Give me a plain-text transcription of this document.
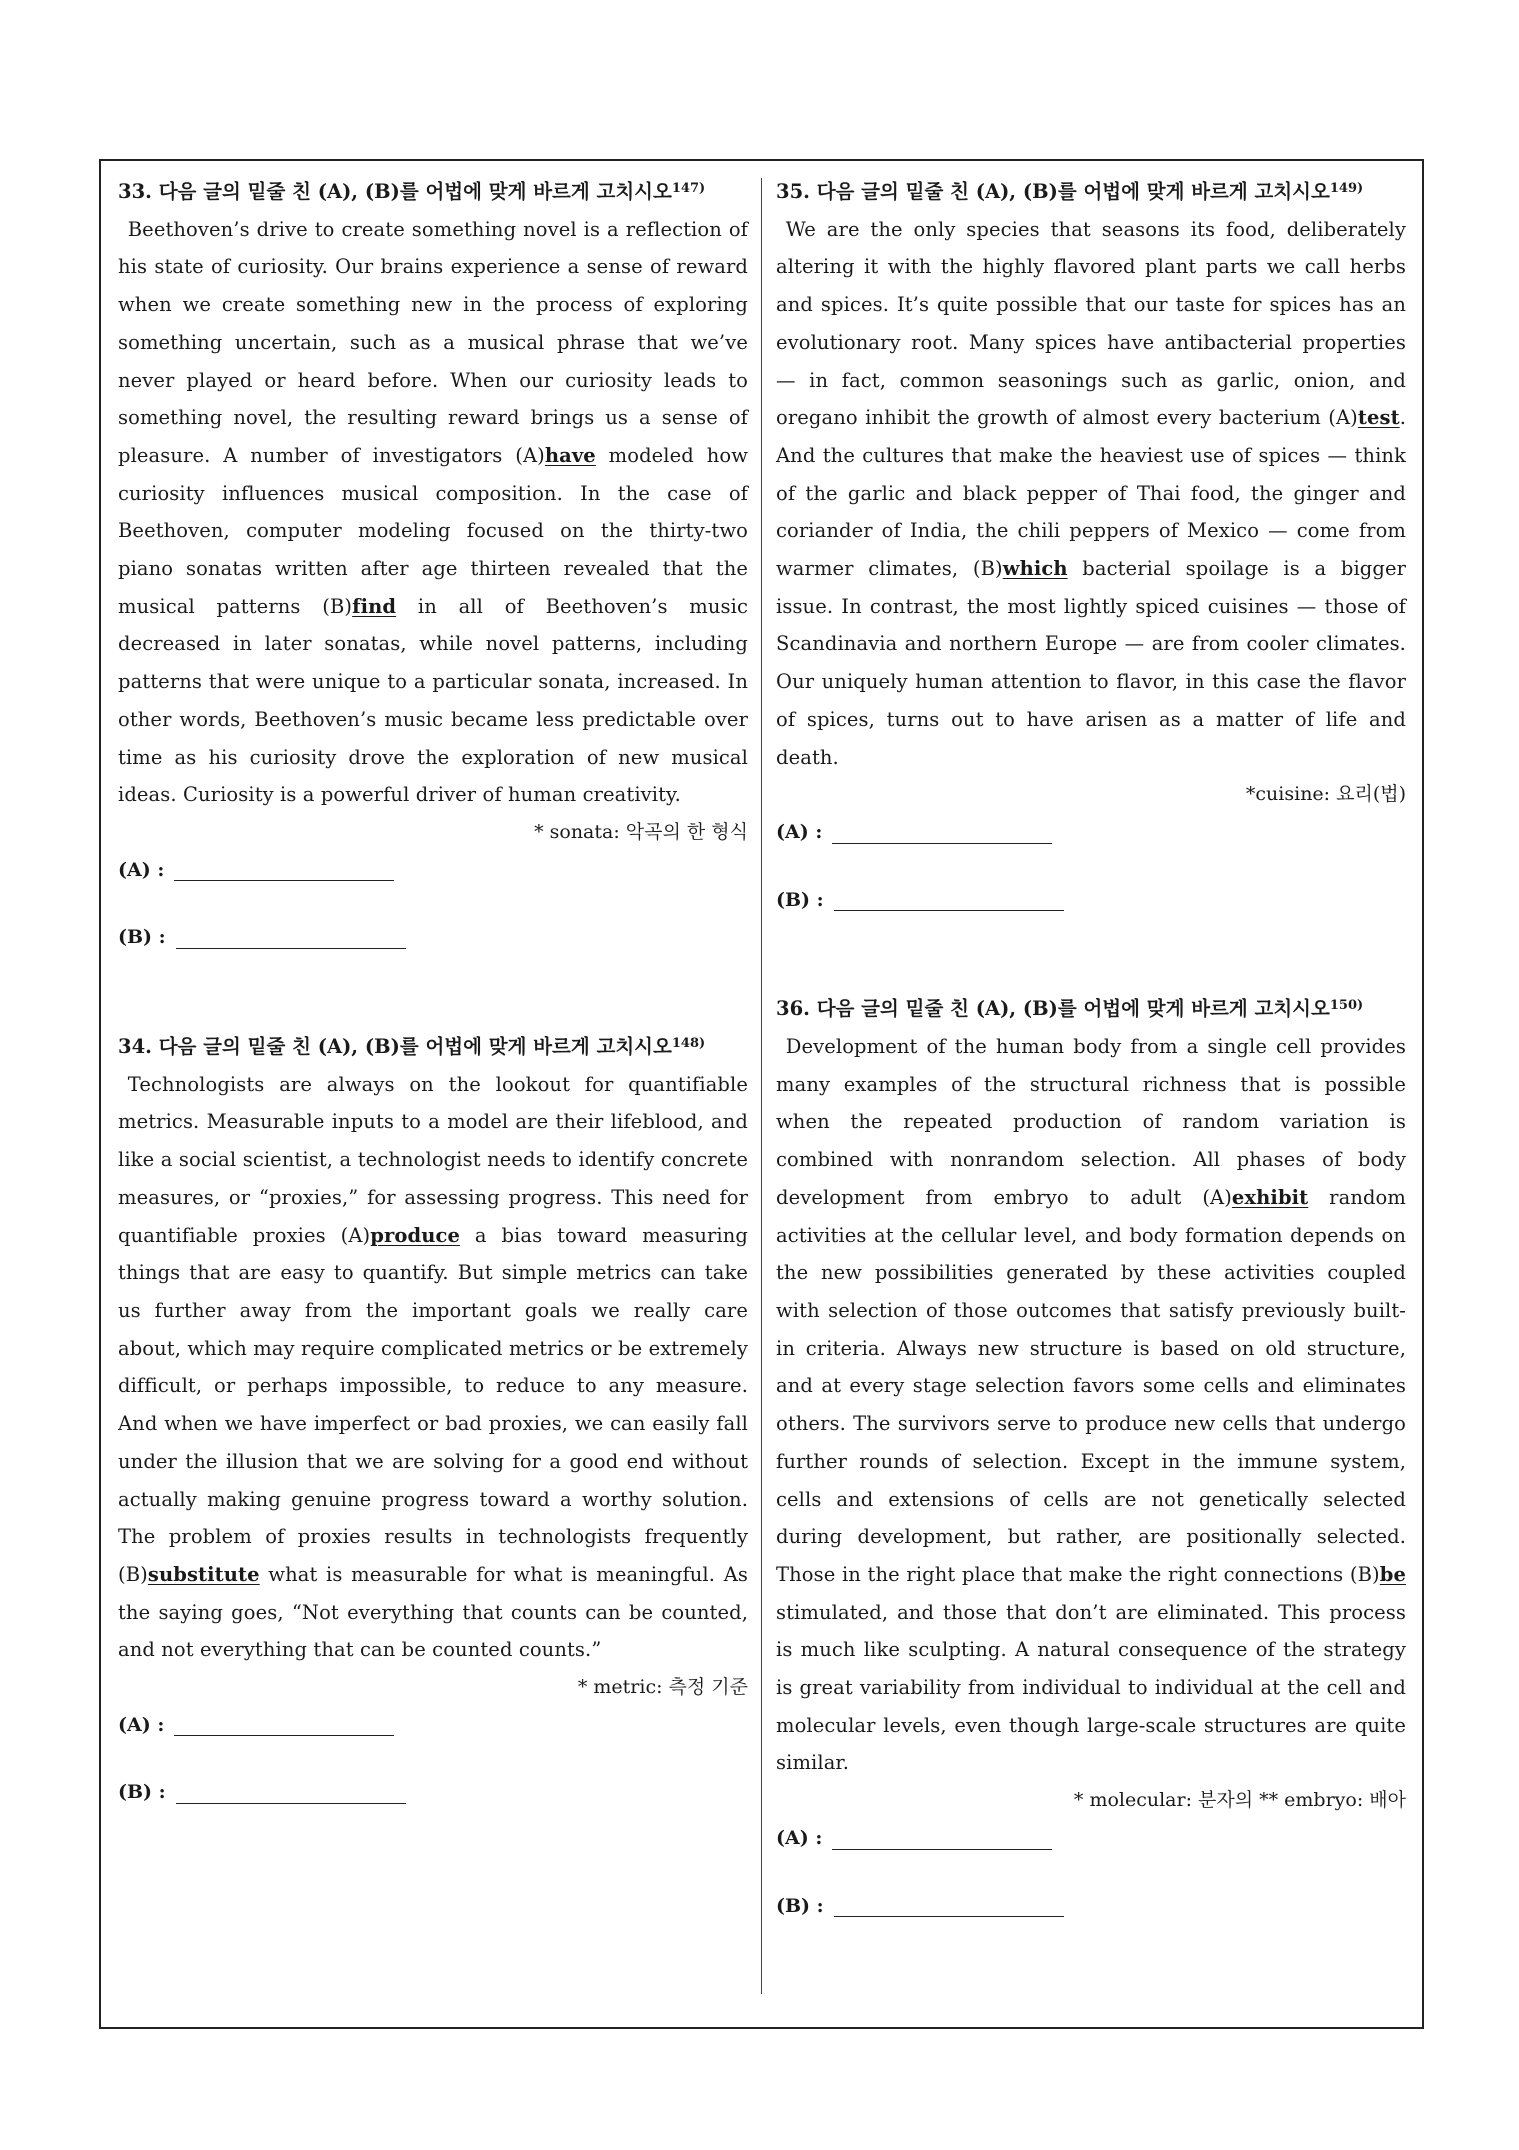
33. 다음 글의 밑줄 친 (A), (B)를 어법에 맞게 바르게 고치시오$^{147)}$

Beethoven’s drive to create something novel is a reflection of his state of curiosity. Our brains experience a sense of reward when we create something new in the process of exploring something uncertain, such as a musical phrase that we’ve never played or heard before. When our curiosity leads to something novel, the resulting reward brings us a sense of pleasure. A number of investigators (A)have modeled how curiosity influences musical composition. In the case of Beethoven, computer modeling focused on the thirty-two piano sonatas written after age thirteen revealed that the musical patterns (B)find in all of Beethoven’s music decreased in later sonatas, while novel patterns, including patterns that were unique to a particular sonata, increased. In other words, Beethoven’s music became less predictable over time as his curiosity drove the exploration of new musical ideas. Curiosity is a powerful driver of human creativity.

* sonata: 악곡의 한 형식

(A) :

(B) :

34. 다음 글의 밑줄 친 (A), (B)를 어법에 맞게 바르게 고치시오$^{148)}$

Technologists are always on the lookout for quantifiable metrics. Measurable inputs to a model are their lifeblood, and like a social scientist, a technologist needs to identify concrete measures, or “proxies,” for assessing progress. This need for quantifiable proxies (A)produce a bias toward measuring things that are easy to quantify. But simple metrics can take us further away from the important goals we really care about, which may require complicated metrics or be extremely difficult, or perhaps impossible, to reduce to any measure. And when we have imperfect or bad proxies, we can easily fall under the illusion that we are solving for a good end without actually making genuine progress toward a worthy solution. The problem of proxies results in technologists frequently (B)substitute what is measurable for what is meaningful. As the saying goes, “Not everything that counts can be counted, and not everything that can be counted counts.”

* metric: 측정 기준

(A) :

(B) :

35. 다음 글의 밑줄 친 (A), (B)를 어법에 맞게 바르게 고치시오$^{149)}$

We are the only species that seasons its food, deliberately altering it with the highly flavored plant parts we call herbs and spices. It’s quite possible that our taste for spices has an evolutionary root. Many spices have antibacterial properties — in fact, common seasonings such as garlic, onion, and oregano inhibit the growth of almost every bacterium (A)test. And the cultures that make the heaviest use of spices — think of the garlic and black pepper of Thai food, the ginger and coriander of India, the chili peppers of Mexico — come from warmer climates, (B)which bacterial spoilage is a bigger issue. In contrast, the most lightly spiced cuisines — those of Scandinavia and northern Europe — are from cooler climates. Our uniquely human attention to flavor, in this case the flavor of spices, turns out to have arisen as a matter of life and death.

*cuisine: 요리(법)

(A) :

(B) :

36. 다음 글의 밑줄 친 (A), (B)를 어법에 맞게 바르게 고치시오$^{150)}$

Development of the human body from a single cell provides many examples of the structural richness that is possible when the repeated production of random variation is combined with nonrandom selection. All phases of body development from embryo to adult (A)exhibit random activities at the cellular level, and body formation depends on the new possibilities generated by these activities coupled with selection of those outcomes that satisfy previously built-in criteria. Always new structure is based on old structure, and at every stage selection favors some cells and eliminates others. The survivors serve to produce new cells that undergo further rounds of selection. Except in the immune system, cells and extensions of cells are not genetically selected during development, but rather, are positionally selected. Those in the right place that make the right connections (B)be stimulated, and those that don’t are eliminated. This process is much like sculpting. A natural consequence of the strategy is great variability from individual to individual at the cell and molecular levels, even though large-scale structures are quite similar.

* molecular: 분자의 ** embryo: 배아

(A) :

(B) :
